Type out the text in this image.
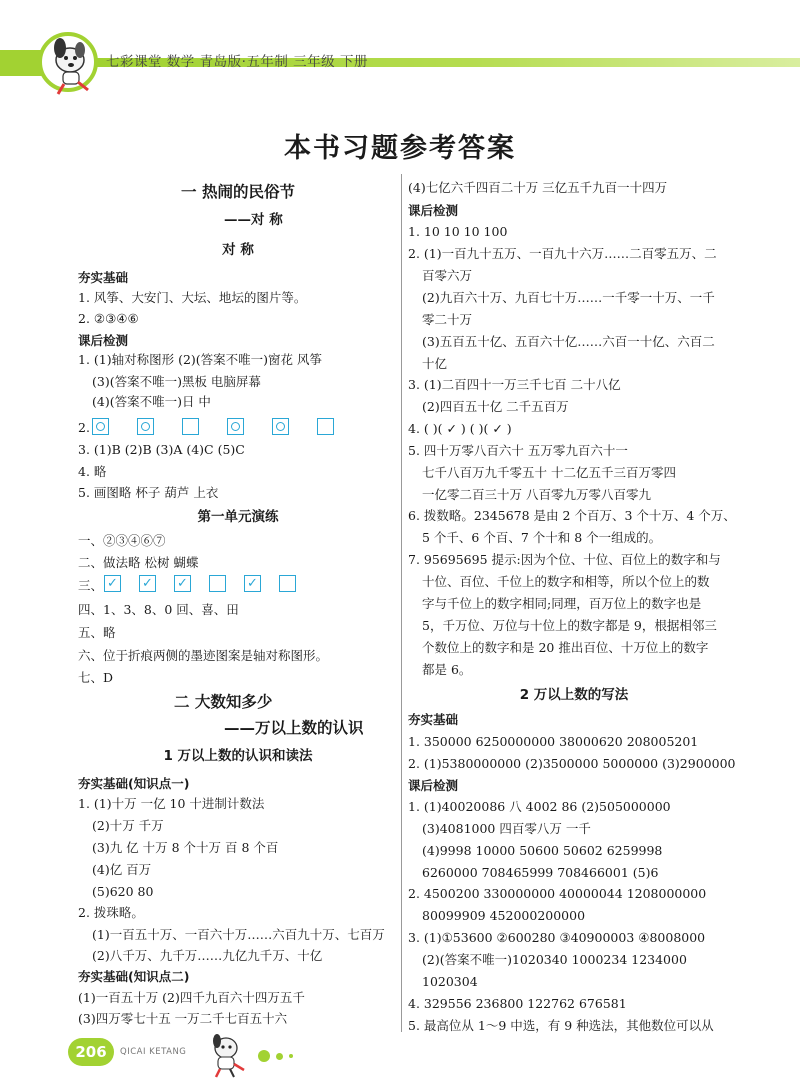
七彩课堂 数学 青岛版·五年制 三年级 下册
本书习题参考答案
一 热闹的民俗节
——对 称
对 称
夯实基础
1. 风筝、大安门、大坛、地坛的图片等。
2. ②③④⑥
课后检测
1. (1)轴对称图形 (2)(答案不唯一)窗花 风筝
(3)(答案不唯一)黑板 电脑屏幕
(4)(答案不唯一)日 中
2.
3. (1)B (2)B (3)A (4)C (5)C
4. 略
5. 画图略 杯子 葫芦 上衣
第一单元演练
一、②③④⑥⑦
二、做法略 松树 蝴蝶
三、 ✓ ✓ ✓	✓
四、1、3、8、0 回、喜、田
五、略
六、位于折痕两侧的墨迹图案是轴对称图形。
七、D
二 大数知多少
——万以上数的认识
1 万以上数的认识和读法
夯实基础(知识点一)
1. (1)十万 一亿 10 十进制计数法
(2)十万 千万
(3)九 亿 十万 8 个十万 百 8 个百
(4)亿 百万
(5)620 80
2. 拨珠略。
(1)一百五十万、一百六十万……六百九十万、七百万
(2)八千万、九千万……九亿九千万、十亿
夯实基础(知识点二)
(1)一百五十万 (2)四千九百六十四万五千
(3)四万零七十五 一万二千七百五十六
(4)七亿六千四百二十万 三亿五千九百一十四万
课后检测
1. 10 10 10 100
2. (1)一百九十五万、一百九十六万……二百零五万、二
百零六万
(2)九百六十万、九百七十万……一千零一十万、一千
零二十万
(3)五百五十亿、五百六十亿……六百一十亿、六百二
十亿
3. (1)二百四十一万三千七百 二十八亿
(2)四百五十亿 二千五百万
4. ( )( ✓ ) ( )( ✓ )
5. 四十万零八百六十 五万零九百六十一
七千八百万九千零五十 十二亿五千三百万零四
一亿零二百三十万 八百零九万零八百零九
6. 拨数略。2345678 是由 2 个百万、3 个十万、4 个万、
5 个千、6 个百、7 个十和 8 个一组成的。
7. 95695695 提示:因为个位、十位、百位上的数字和与
十位、百位、千位上的数字和相等，所以个位上的数
字与千位上的数字相同;同理，百万位上的数字也是
5，千万位、万位与十位上的数字都是 9，根据相邻三
个数位上的数字和是 20 推出百位、十万位上的数字
都是 6。
2 万以上数的写法
夯实基础
1. 350000 6250000000 38000620 208005201
2. (1)5380000000 (2)3500000 5000000 (3)2900000
课后检测
1. (1)40020086 八 4002 86 (2)505000000
(3)4081000 四百零八万 一千
(4)9998 10000 50600 50602 6259998
6260000 708465999 708466001 (5)6
2. 4500200 330000000 40000044 1208000000
80099909 452000200000
3. (1)①53600 ②600280 ③40900003 ④8008000
(2)(答案不唯一)1020340 1000234 1234000
1020304
4. 329556 236800 122762 676581
5. 最高位从 1～9 中选，有 9 种选法，其他数位可以从
206	QICAI KETANG
